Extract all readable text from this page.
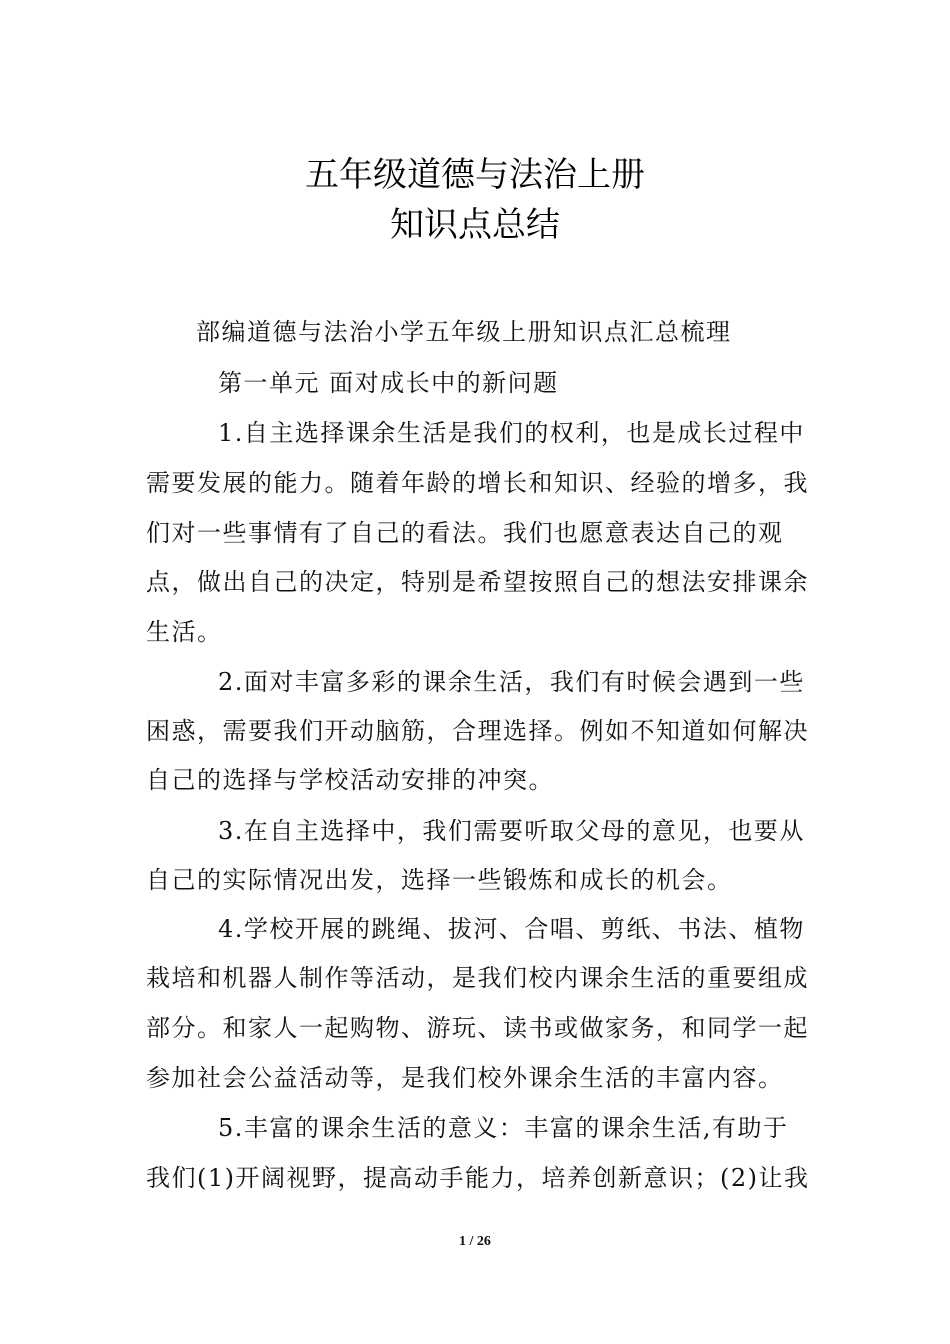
五年级道德与法治上册
知识点总结
部编道德与法治小学五年级上册知识点汇总梳理
第一单元 面对成长中的新问题
1.自主选择课余生活是我们的权利，也是成长过程中
需要发展的能力。随着年龄的增长和知识、经验的增多，我
们对一些事情有了自己的看法。我们也愿意表达自己的观
点，做出自己的决定，特别是希望按照自己的想法安排课余
生活。
2.面对丰富多彩的课余生活，我们有时候会遇到一些
困惑，需要我们开动脑筋，合理选择。例如不知道如何解决
自己的选择与学校活动安排的冲突。
3.在自主选择中，我们需要听取父母的意见，也要从
自己的实际情况出发，选择一些锻炼和成长的机会。
4.学校开展的跳绳、拔河、合唱、剪纸、书法、植物
栽培和机器人制作等活动，是我们校内课余生活的重要组成
部分。和家人一起购物、游玩、读书或做家务，和同学一起
参加社会公益活动等，是我们校外课余生活的丰富内容。
5.丰富的课余生活的意义：丰富的课余生活,有助于
我们(1)开阔视野，提高动手能力，培养创新意识；(2)让我
1 / 26
